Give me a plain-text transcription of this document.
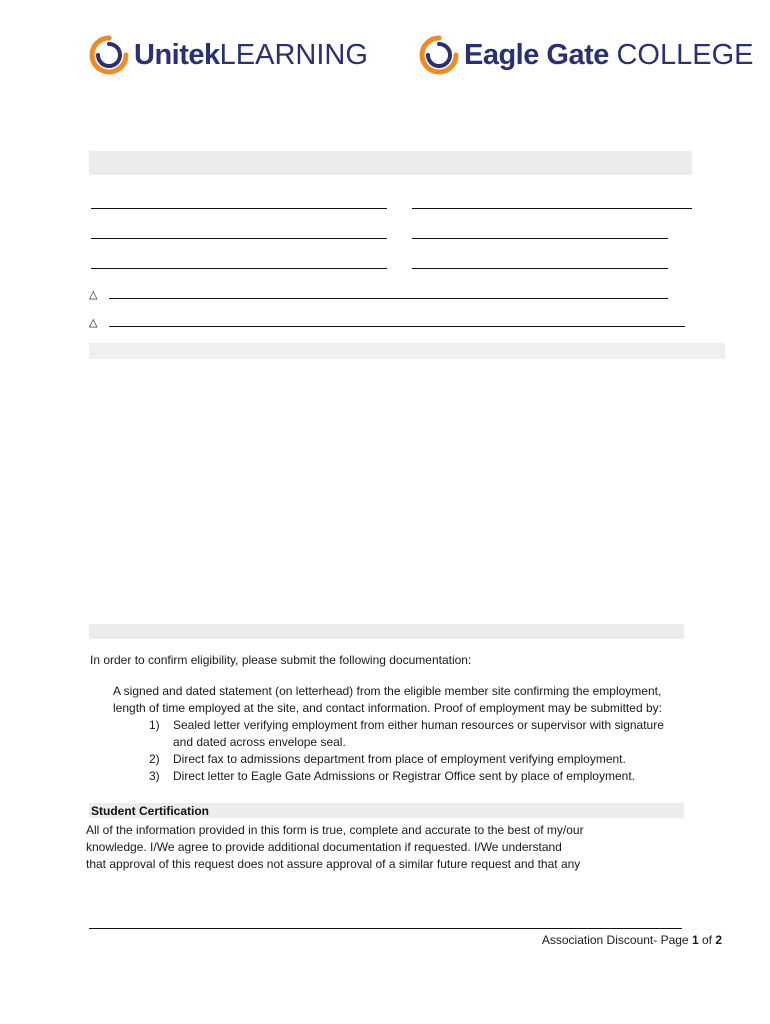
UnitekLEARNING	Eagle Gate COLLEGE
△
△

In order to confirm eligibility, please submit the following documentation:

A signed and dated statement (on letterhead) from the eligible member site confirming the employment, length of time employed at the site, and contact information. Proof of employment may be submitted by:

1) Sealed letter verifying employment from either human resources or supervisor with signature and dated across envelope seal.
2) Direct fax to admissions department from place of employment verifying employment.
3) Direct letter to Eagle Gate Admissions or Registrar Office sent by place of employment.
Student Certification

All of the information provided in this form is true, complete and accurate to the best of my/our

knowledge. I/We agree to provide additional documentation if requested. I/We understand

that approval of this request does not assure approval of a similar future request and that any

Association Discount- Page 1 of 2
